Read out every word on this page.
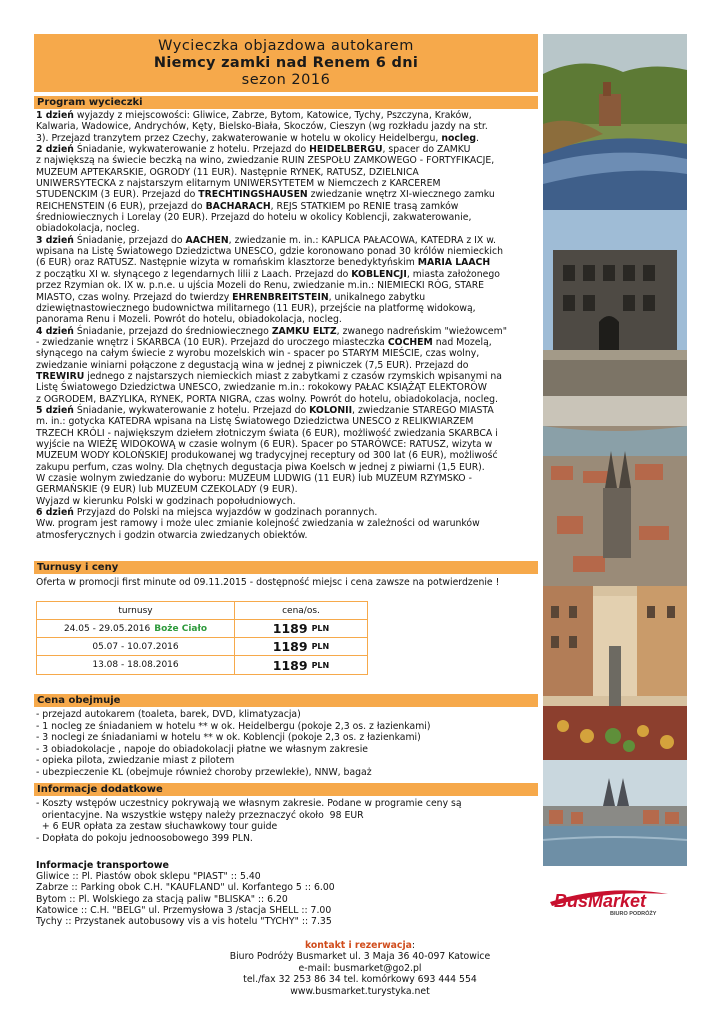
Wycieczka objazdowa autokarem
Niemcy zamki nad Renem 6 dni
sezon 2016
Program wycieczki

1 dzień wyjazdy z miejscowości: Gliwice, Zabrze, Bytom, Katowice, Tychy, Pszczyna, Kraków,
Kalwaria, Wadowice, Andrychów, Kęty, Bielsko-Biała, Skoczów, Cieszyn (wg rozkładu jazdy na str.
3). Przejazd tranzytem przez Czechy, zakwaterowanie w hotelu w okolicy Heidelbergu, nocleg.

2 dzień Śniadanie, wykwaterowanie z hotelu. Przejazd do HEIDELBERGU, spacer do ZAMKU
z największą na świecie beczką na wino, zwiedzanie RUIN ZESPOŁU ZAMKOWEGO - FORTYFIKACJE,
MUZEUM APTEKARSKIE, OGRODY (11 EUR). Następnie RYNEK, RATUSZ, DZIELNICA
UNIWERSYTECKA z najstarszym elitarnym UNIWERSYTETEM w Niemczech z KARCEREM
STUDENCKIM (3 EUR). Przejazd do TRECHTINGSHAUSEN zwiedzanie wnętrz XI-wiecznego zamku
REICHENSTEIN (6 EUR), przejazd do BACHARACH, REJS STATKIEM po RENIE trasą zamków
średniowiecznych i Lorelay (20 EUR). Przejazd do hotelu w okolicy Koblencji, zakwaterowanie,
obiadokolacja, nocleg.

3 dzień Śniadanie, przejazd do AACHEN, zwiedzanie m. in.: KAPLICA PAŁACOWA, KATEDRA z IX w.
wpisana na Listę Światowego Dziedzictwa UNESCO, gdzie koronowano ponad 30 królów niemieckich
(6 EUR) oraz RATUSZ. Następnie wizyta w romańskim klasztorze benedyktyńskim MARIA LAACH
z początku XI w. słynącego z legendarnych lilii z Laach. Przejazd do KOBLENCJI, miasta założonego
przez Rzymian ok. IX w. p.n.e. u ujścia Mozeli do Renu, zwiedzanie m.in.: NIEMIECKI RÓG, STARE
MIASTO, czas wolny. Przejazd do twierdzy EHRENBREITSTEIN, unikalnego zabytku
dziewiętnastowiecznego budownictwa militarnego (11 EUR), przejście na platformę widokową,
panorama Renu i Mozeli. Powrót do hotelu, obiadokolacja, nocleg.

4 dzień Śniadanie, przejazd do średniowiecznego ZAMKU ELTZ, zwanego nadreńskim "wieżowcem"
- zwiedzanie wnętrz i SKARBCA (10 EUR). Przejazd do uroczego miasteczka COCHEM nad Mozelą,
słynącego na całym świecie z wyrobu mozelskich win - spacer po STARYM MIEŚCIE, czas wolny,
zwiedzanie winiarni połączone z degustacją wina w jednej z piwniczek (7,5 EUR). Przejazd do
TREWIRU jednego z najstarszych niemieckich miast z zabytkami z czasów rzymskich wpisanymi na
Listę Światowego Dziedzictwa UNESCO, zwiedzanie m.in.: rokokowy PAŁAC KSIĄŻĄT ELEKTORÓW
z OGRODEM, BAZYLIKA, RYNEK, PORTA NIGRA, czas wolny. Powrót do hotelu, obiadokolacja, nocleg.

5 dzień Śniadanie, wykwaterowanie z hotelu. Przejazd do KOLONII, zwiedzanie STAREGO MIASTA
m. in.: gotycka KATEDRA wpisana na Listę Światowego Dziedzictwa UNESCO z RELIKWIARZEM
TRZECH KRÓLI - największym dziełem złotniczym świata (6 EUR), możliwość zwiedzania SKARBCA i
wyjście na WIEŻĘ WIDOKOWĄ w czasie wolnym (6 EUR). Spacer po STARÓWCE: RATUSZ, wizyta w
MUZEUM WODY KOLOŃSKIEJ produkowanej wg tradycyjnej receptury od 300 lat (6 EUR), możliwość
zakupu perfum, czas wolny. Dla chętnych degustacja piwa Koelsch w jednej z piwiarni (1,5 EUR).
W czasie wolnym zwiedzanie do wyboru: MUZEUM LUDWIG (11 EUR) lub MUZEUM RZYMSKO -
GERMAŃSKIE (9 EUR) lub MUZEUM CZEKOLADY (9 EUR).
Wyjazd w kierunku Polski w godzinach popołudniowych.

6 dzień Przyjazd do Polski na miejsca wyjazdów w godzinach porannych.
Ww. program jest ramowy i może ulec zmianie kolejność zwiedzania w zależności od warunków
atmosferycznych i godzin otwarcia zwiedzanych obiektów.

Turnusy i ceny
Oferta w promocji first minute od 09.11.2015 - dostępność miejsc i cena zawsze na potwierdzenie !
turnusy	cena/os.
24.05 - 29.05.2016 Boże Ciało	1189 PLN
05.07 - 10.07.2016	1189 PLN
13.08 - 18.08.2016	1189 PLN
Cena obejmuje
- przejazd autokarem (toaleta, barek, DVD, klimatyzacja)
- 1 nocleg ze śniadaniem w hotelu ** w ok. Heidelbergu (pokoje 2,3 os. z łazienkami)
- 3 noclegi ze śniadaniami w hotelu ** w ok. Koblencji (pokoje 2,3 os. z łazienkami)
- 3 obiadokolacje , napoje do obiadokolacji płatne we własnym zakresie
- opieka pilota, zwiedzanie miast z pilotem
- ubezpieczenie KL (obejmuje również choroby przewlekłe), NNW, bagaż
Informacje dodatkowe
- Koszty wstępów uczestnicy pokrywają we własnym zakresie. Podane w programie ceny są
orientacyjne. Na wszystkie wstępy należy przeznaczyć około  98 EUR
+ 6 EUR opłata za zestaw słuchawkowy tour guide
- Dopłata do pokoju jednoosobowego 399 PLN.
Informacje transportowe
Gliwice :: Pl. Piastów obok sklepu "PIAST" :: 5.40
Zabrze :: Parking obok C.H. "KAUFLAND" ul. Korfantego 5 :: 6.00
Bytom :: Pl. Wolskiego za stacją paliw "BLISKA" :: 6.20
Katowice :: C.H. "BELG" ul. Przemysłowa 3 /stacja SHELL :: 7.00
Tychy :: Przystanek autobusowy vis a vis hotelu "TYCHY" :: 7.35
BusMarket
BIURO PODRÓŻY
kontakt i rezerwacja:
Biuro Podróży Busmarket ul. 3 Maja 36 40-097 Katowice
e-mail: busmarket@go2.pl
tel./fax 32 253 86 34 tel. komórkowy 693 444 554
www.busmarket.turystyka.net
